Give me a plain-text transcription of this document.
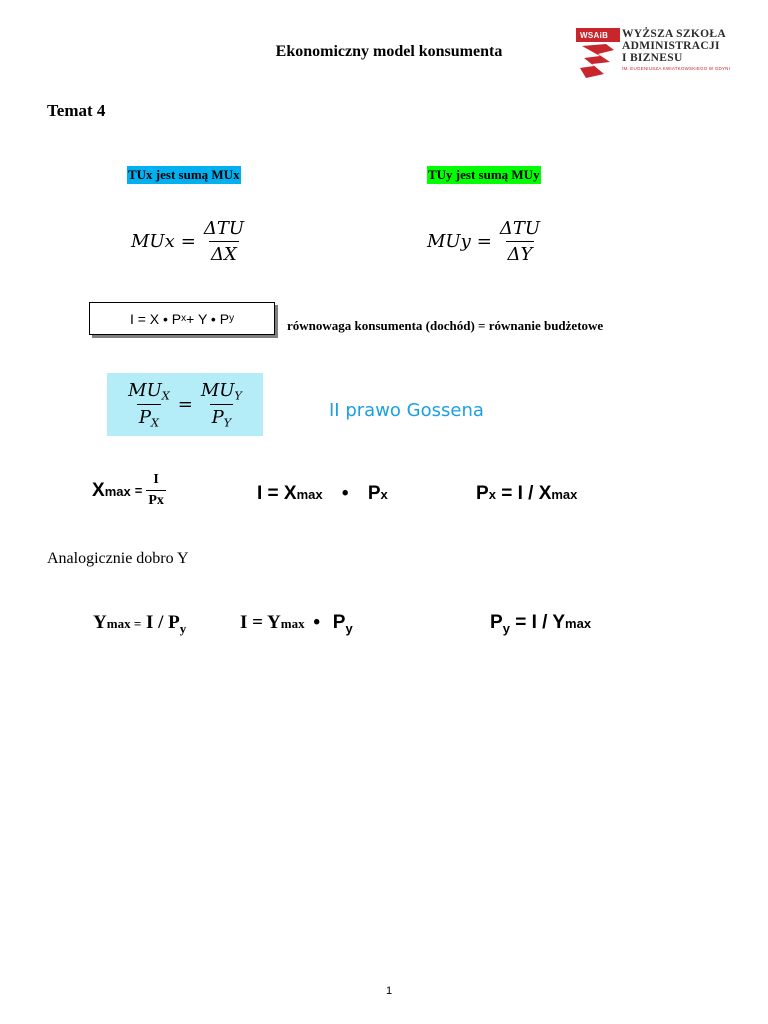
Ekonomiczny model konsumenta
WSAiB WYŻSZA SZKOŁA
ADMINISTRACJI
I BIZNESU
IM. EUGENIUSZA KWIATKOWSKIEGO W GDYNI
Temat 4
TUx jest sumą MUx	TUy jest sumą MUy
MUx = $\frac{\text{ΔTU}}{\Delta X}$	MUy = $\frac{\text{ΔTU}}{\Delta Y}$
I = X • P x + Y • P y	równowaga konsumenta (dochód) = równanie budżetowe
$\frac{MU_X}{P_X} = \frac{MU_Y}{P_Y}$	II prawo Gossena
$Xmax = \frac{I}{Px}$	I = Xmax • Px	Px = I / Xmax
Analogicznie dobro Y
$Ymax = I / P_y$	I = Ymax • $P_y$	$P_y = I / Ymax$
1
